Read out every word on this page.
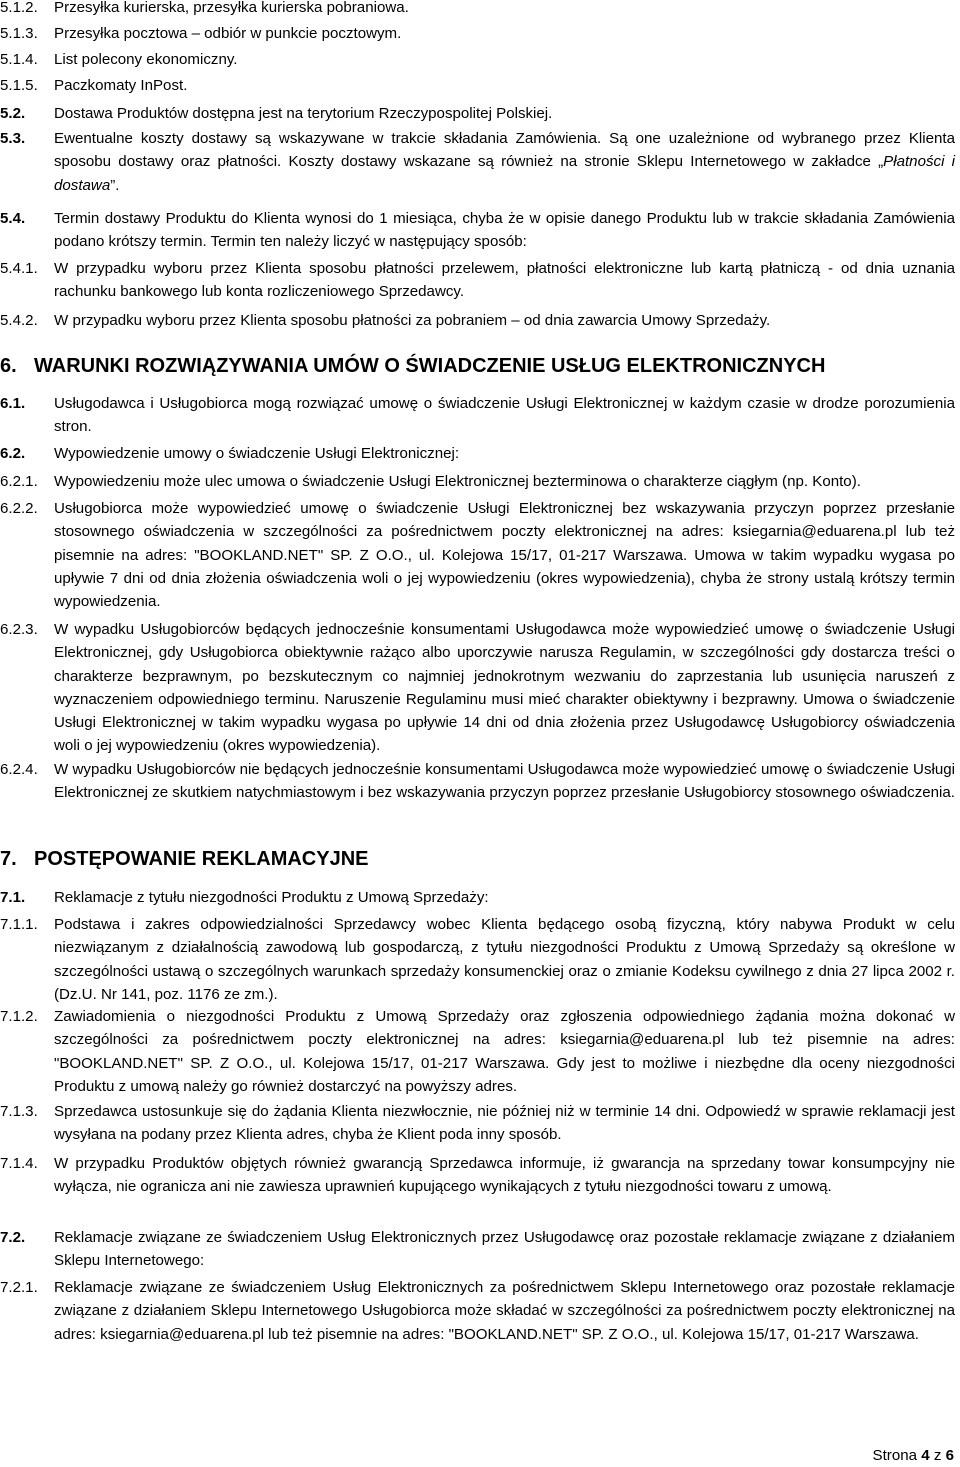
5.1.2. Przesyłka kurierska, przesyłka kurierska pobraniowa.
5.1.3. Przesyłka pocztowa – odbiór w punkcie pocztowym.
5.1.4. List polecony ekonomiczny.
5.1.5. Paczkomaty InPost.
5.2. Dostawa Produktów dostępna jest na terytorium Rzeczypospolitej Polskiej.
5.3. Ewentualne koszty dostawy są wskazywane w trakcie składania Zamówienia. Są one uzależnione od wybranego przez Klienta sposobu dostawy oraz płatności. Koszty dostawy wskazane są również na stronie Sklepu Internetowego w zakładce „Płatności i dostawa”.
5.4. Termin dostawy Produktu do Klienta wynosi do 1 miesiąca, chyba że w opisie danego Produktu lub w trakcie składania Zamówienia podano krótszy termin. Termin ten należy liczyć w następujący sposób:
5.4.1. W przypadku wyboru przez Klienta sposobu płatności przelewem, płatności elektroniczne lub kartą płatniczą - od dnia uznania rachunku bankowego lub konta rozliczeniowego Sprzedawcy.
5.4.2. W przypadku wyboru przez Klienta sposobu płatności za pobraniem – od dnia zawarcia Umowy Sprzedaży.
6. WARUNKI ROZWIĄZYWANIA UMÓW O ŚWIADCZENIE USŁUG ELEKTRONICZNYCH
6.1. Usługodawca i Usługobiorca mogą rozwiązać umowę o świadczenie Usługi Elektronicznej w każdym czasie w drodze porozumienia stron.
6.2. Wypowiedzenie umowy o świadczenie Usługi Elektronicznej:
6.2.1. Wypowiedzeniu może ulec umowa o świadczenie Usługi Elektronicznej bezterminowa o charakterze ciągłym (np. Konto).
6.2.2. Usługobiorca może wypowiedzieć umowę o świadczenie Usługi Elektronicznej bez wskazywania przyczyn poprzez przesłanie stosownego oświadczenia w szczególności za pośrednictwem poczty elektronicznej na adres: ksiegarnia@eduarena.pl lub też pisemnie na adres: "BOOKLAND.NET" SP. Z O.O., ul. Kolejowa 15/17, 01-217 Warszawa. Umowa w takim wypadku wygasa po upływie 7 dni od dnia złożenia oświadczenia woli o jej wypowiedzeniu (okres wypowiedzenia), chyba że strony ustalą krótszy termin wypowiedzenia.
6.2.3. W wypadku Usługobiorców będących jednocześnie konsumentami Usługodawca może wypowiedzieć umowę o świadczenie Usługi Elektronicznej, gdy Usługobiorca obiektywnie rażąco albo uporczywie narusza Regulamin, w szczególności gdy dostarcza treści o charakterze bezprawnym, po bezskutecznym co najmniej jednokrotnym wezwaniu do zaprzestania lub usunięcia naruszeń z wyznaczeniem odpowiedniego terminu. Naruszenie Regulaminu musi mieć charakter obiektywny i bezprawny. Umowa o świadczenie Usługi Elektronicznej w takim wypadku wygasa po upływie 14 dni od dnia złożenia przez Usługodawcę Usługobiorcy oświadczenia woli o jej wypowiedzeniu (okres wypowiedzenia).
6.2.4. W wypadku Usługobiorców nie będących jednocześnie konsumentami Usługodawca może wypowiedzieć umowę o świadczenie Usługi Elektronicznej ze skutkiem natychmiastowym i bez wskazywania przyczyn poprzez przesłanie Usługobiorcy stosownego oświadczenia.
7. POSTĘPOWANIE REKLAMACYJNE
7.1. Reklamacje z tytułu niezgodności Produktu z Umową Sprzedaży:
7.1.1. Podstawa i zakres odpowiedzialności Sprzedawcy wobec Klienta będącego osobą fizyczną, który nabywa Produkt w celu niezwiązanym z działalnością zawodową lub gospodarczą, z tytułu niezgodności Produktu z Umową Sprzedaży są określone w szczególności ustawą o szczególnych warunkach sprzedaży konsumenckiej oraz o zmianie Kodeksu cywilnego z dnia 27 lipca 2002 r. (Dz.U. Nr 141, poz. 1176 ze zm.).
7.1.2. Zawiadomienia o niezgodności Produktu z Umową Sprzedaży oraz zgłoszenia odpowiedniego żądania można dokonać w szczególności za pośrednictwem poczty elektronicznej na adres: ksiegarnia@eduarena.pl lub też pisemnie na adres: "BOOKLAND.NET" SP. Z O.O., ul. Kolejowa 15/17, 01-217 Warszawa. Gdy jest to możliwe i niezbędne dla oceny niezgodności Produktu z umową należy go również dostarczyć na powyższy adres.
7.1.3. Sprzedawca ustosunkuje się do żądania Klienta niezwłocznie, nie później niż w terminie 14 dni. Odpowiedź w sprawie reklamacji jest wysyłana na podany przez Klienta adres, chyba że Klient poda inny sposób.
7.1.4. W przypadku Produktów objętych również gwarancją Sprzedawca informuje, iż gwarancja na sprzedany towar konsumpcyjny nie wyłącza, nie ogranicza ani nie zawiesza uprawnień kupującego wynikających z tytułu niezgodności towaru z umową.
7.2. Reklamacje związane ze świadczeniem Usług Elektronicznych przez Usługodawcę oraz pozostałe reklamacje związane z działaniem Sklepu Internetowego:
7.2.1. Reklamacje związane ze świadczeniem Usług Elektronicznych za pośrednictwem Sklepu Internetowego oraz pozostałe reklamacje związane z działaniem Sklepu Internetowego Usługobiorca może składać w szczególności za pośrednictwem poczty elektronicznej na adres: ksiegarnia@eduarena.pl lub też pisemnie na adres: "BOOKLAND.NET" SP. Z O.O., ul. Kolejowa 15/17, 01-217 Warszawa.
Strona 4 z 6
